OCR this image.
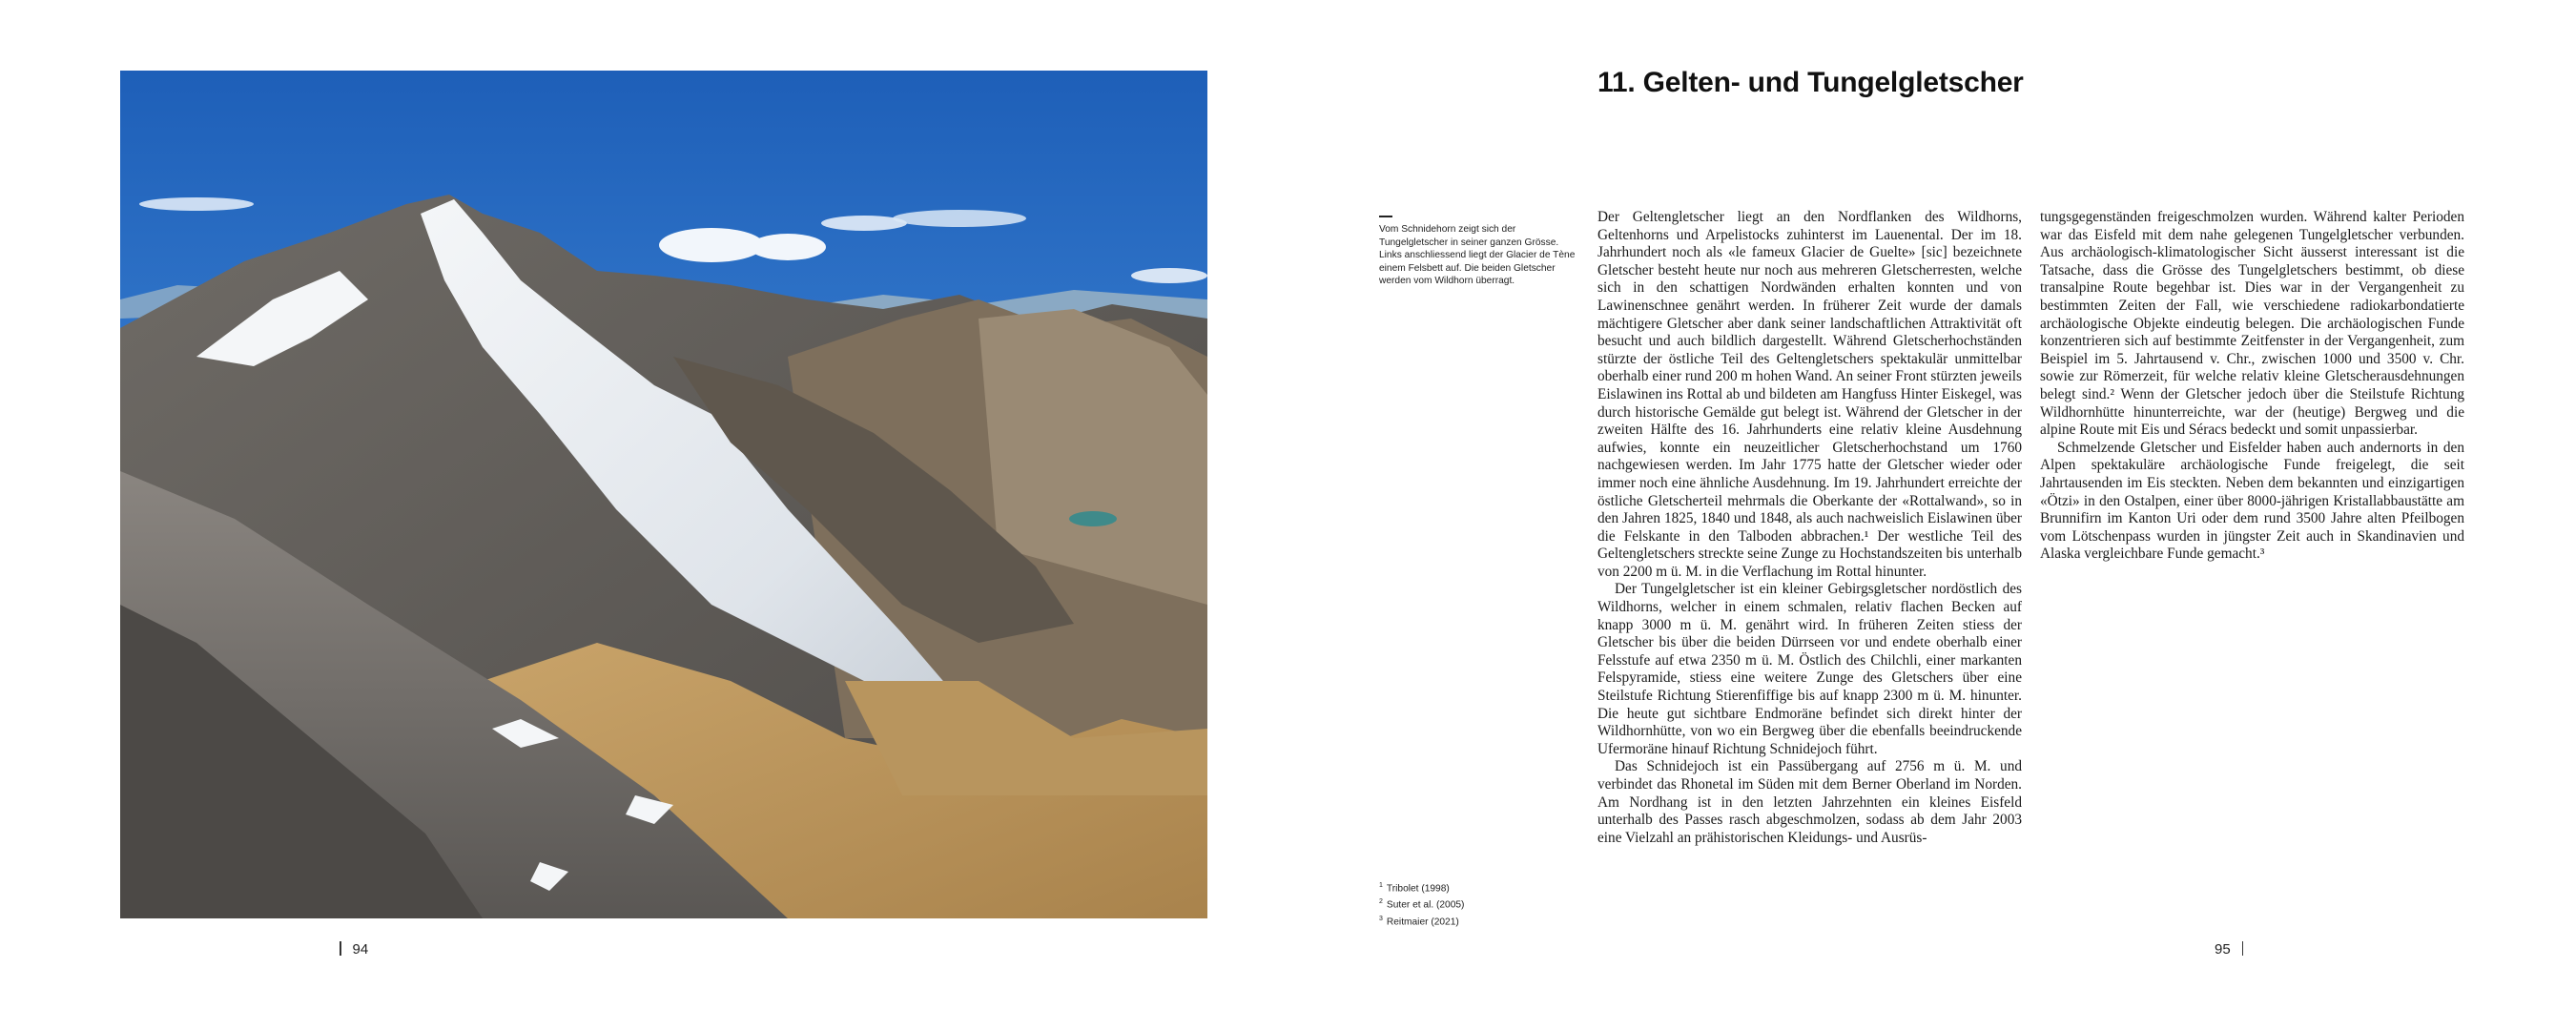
94
11. Gelten- und Tungelgletscher

Vom Schnidehorn zeigt sich der Tungelgletscher in seiner ganzen Grösse. Links anschliessend liegt der Glacier de Tène einem Felsbett auf. Die beiden Gletscher werden vom Wildhorn überragt.

$^1$ Tribolet (1998)
$^2$ Suter et al. (2005)
$^3$ Reitmaier (2021)

Der Geltengletscher liegt an den Nordflanken des Wildhorns, Geltenhorns und Arpelistocks zuhinterst im Lauenental. Der im 18. Jahrhundert noch als «le fameux Glacier de Guelte» [sic] bezeichnete Gletscher besteht heute nur noch aus mehreren Gletscherresten, welche sich in den schattigen Nordwänden erhalten konnten und von Lawinenschnee genährt werden. In früherer Zeit wurde der damals mächtigere Gletscher aber dank seiner landschaftlichen Attraktivität oft besucht und auch bildlich dargestellt. Während Gletscherhochständen stürzte der östliche Teil des Geltengletschers spektakulär unmittelbar oberhalb einer rund 200 m hohen Wand. An seiner Front stürzten jeweils Eislawinen ins Rottal ab und bildeten am Hangfuss Hinter Eiskegel, was durch historische Gemälde gut belegt ist. Während der Gletscher in der zweiten Hälfte des 16. Jahrhunderts eine relativ kleine Ausdehnung aufwies, konnte ein neuzeitlicher Gletscherhochstand um 1760 nachgewiesen werden. Im Jahr 1775 hatte der Gletscher wieder oder immer noch eine ähnliche Ausdehnung. Im 19. Jahrhundert erreichte der östliche Gletscherteil mehrmals die Oberkante der «Rottalwand», so in den Jahren 1825, 1840 und 1848, als auch nachweislich Eislawinen über die Felskante in den Talboden abbrachen.¹ Der westliche Teil des Geltengletschers streckte seine Zunge zu Hochstandszeiten bis unterhalb von 2200 m ü. M. in die Verflachung im Rottal hinunter.

Der Tungelgletscher ist ein kleiner Gebirgsgletscher nordöstlich des Wildhorns, welcher in einem schmalen, relativ flachen Becken auf knapp 3000 m ü. M. genährt wird. In früheren Zeiten stiess der Gletscher bis über die beiden Dürrseen vor und endete oberhalb einer Felsstufe auf etwa 2350 m ü. M. Östlich des Chilchli, einer markanten Felspyramide, stiess eine weitere Zunge des Gletschers über eine Steilstufe Richtung Stierenfiffige bis auf knapp 2300 m ü. M. hinunter. Die heute gut sichtbare Endmoräne befindet sich direkt hinter der Wildhornhütte, von wo ein Bergweg über die ebenfalls beeindruckende Ufermoräne hinauf Richtung Schnidejoch führt.

Das Schnidejoch ist ein Passübergang auf 2756 m ü. M. und verbindet das Rhonetal im Süden mit dem Berner Oberland im Norden. Am Nordhang ist in den letzten Jahrzehnten ein kleines Eisfeld unterhalb des Passes rasch abgeschmolzen, sodass ab dem Jahr 2003 eine Vielzahl an prähistorischen Kleidungs- und Ausrüs-

tungsgegenständen freigeschmolzen wurden. Während kalter Perioden war das Eisfeld mit dem nahe gelegenen Tungelgletscher verbunden. Aus archäologisch-klimatologischer Sicht äusserst interessant ist die Tatsache, dass die Grösse des Tungelgletschers bestimmt, ob diese transalpine Route begehbar ist. Dies war in der Vergangenheit zu bestimmten Zeiten der Fall, wie verschiedene radiokarbondatierte archäologische Objekte eindeutig belegen. Die archäologischen Funde konzentrieren sich auf bestimmte Zeitfenster in der Vergangenheit, zum Beispiel im 5. Jahrtausend v. Chr., zwischen 1000 und 3500 v. Chr. sowie zur Römerzeit, für welche relativ kleine Gletscherausdehnungen belegt sind.² Wenn der Gletscher jedoch über die Steilstufe Richtung Wildhornhütte hinunterreichte, war der (heutige) Bergweg und die alpine Route mit Eis und Séracs bedeckt und somit unpassierbar.

Schmelzende Gletscher und Eisfelder haben auch andernorts in den Alpen spektakuläre archäologische Funde freigelegt, die seit Jahrtausenden im Eis steckten. Neben dem bekannten und einzigartigen «Ötzi» in den Ostalpen, einer über 8000-jährigen Kristallabbaustätte am Brunnifirn im Kanton Uri oder dem rund 3500 Jahre alten Pfeilbogen vom Lötschenpass wurden in jüngster Zeit auch in Skandinavien und Alaska vergleichbare Funde gemacht.³

95
